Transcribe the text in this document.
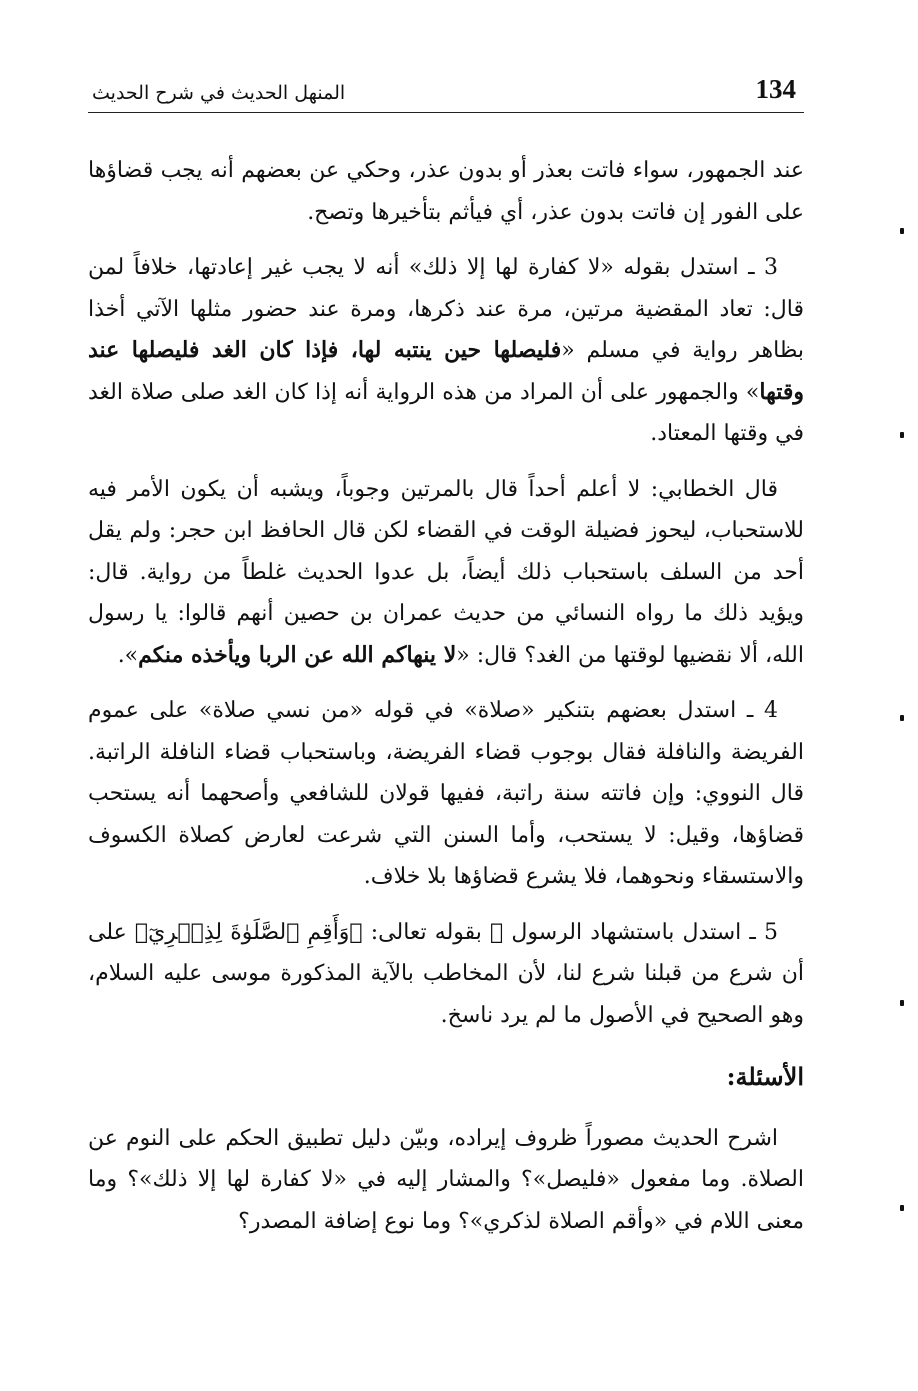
134
المنهل الحديث في شرح الحديث

عند الجمهور، سواء فاتت بعذر أو بدون عذر، وحكي عن بعضهم أنه يجب قضاؤها على الفور إن فاتت بدون عذر، أي فيأثم بتأخيرها وتصح.

3 ـ استدل بقوله «لا كفارة لها إلا ذلك» أنه لا يجب غير إعادتها، خلافاً لمن قال: تعاد المقضية مرتين، مرة عند ذكرها، ومرة عند حضور مثلها الآتي أخذا بظاهر رواية في مسلم «فليصلها حين ينتبه لها، فإذا كان الغد فليصلها عند وقتها» والجمهور على أن المراد من هذه الرواية أنه إذا كان الغد صلى صلاة الغد في وقتها المعتاد.

قال الخطابي: لا أعلم أحداً قال بالمرتين وجوباً، ويشبه أن يكون الأمر فيه للاستحباب، ليحوز فضيلة الوقت في القضاء لكن قال الحافظ ابن حجر: ولم يقل أحد من السلف باستحباب ذلك أيضاً، بل عدوا الحديث غلطاً من رواية. قال: ويؤيد ذلك ما رواه النسائي من حديث عمران بن حصين أنهم قالوا: يا رسول الله، ألا نقضيها لوقتها من الغد؟ قال: «لا ينهاكم الله عن الربا ويأخذه منكم».

4 ـ استدل بعضهم بتنكير «صلاة» في قوله «من نسي صلاة» على عموم الفريضة والنافلة فقال بوجوب قضاء الفريضة، وباستحباب قضاء النافلة الراتبة. قال النووي: وإن فاتته سنة راتبة، ففيها قولان للشافعي وأصحهما أنه يستحب قضاؤها، وقيل: لا يستحب، وأما السنن التي شرعت لعارض كصلاة الكسوف والاستسقاء ونحوهما، فلا يشرع قضاؤها بلا خلاف.

5 ـ استدل باستشهاد الرسول ﷺ بقوله تعالى: ﴿وَأَقِمِ ٱلصَّلَوٰةَ لِذِكۡرِيٓ﴾ على أن شرع من قبلنا شرع لنا، لأن المخاطب بالآية المذكورة موسى عليه السلام، وهو الصحيح في الأصول ما لم يرد ناسخ.

الأسئلة:

اشرح الحديث مصوراً ظروف إيراده، وبيّن دليل تطبيق الحكم على النوم عن الصلاة. وما مفعول «فليصل»؟ والمشار إليه في «لا كفارة لها إلا ذلك»؟ وما معنى اللام في «وأقم الصلاة لذكري»؟ وما نوع إضافة المصدر؟
